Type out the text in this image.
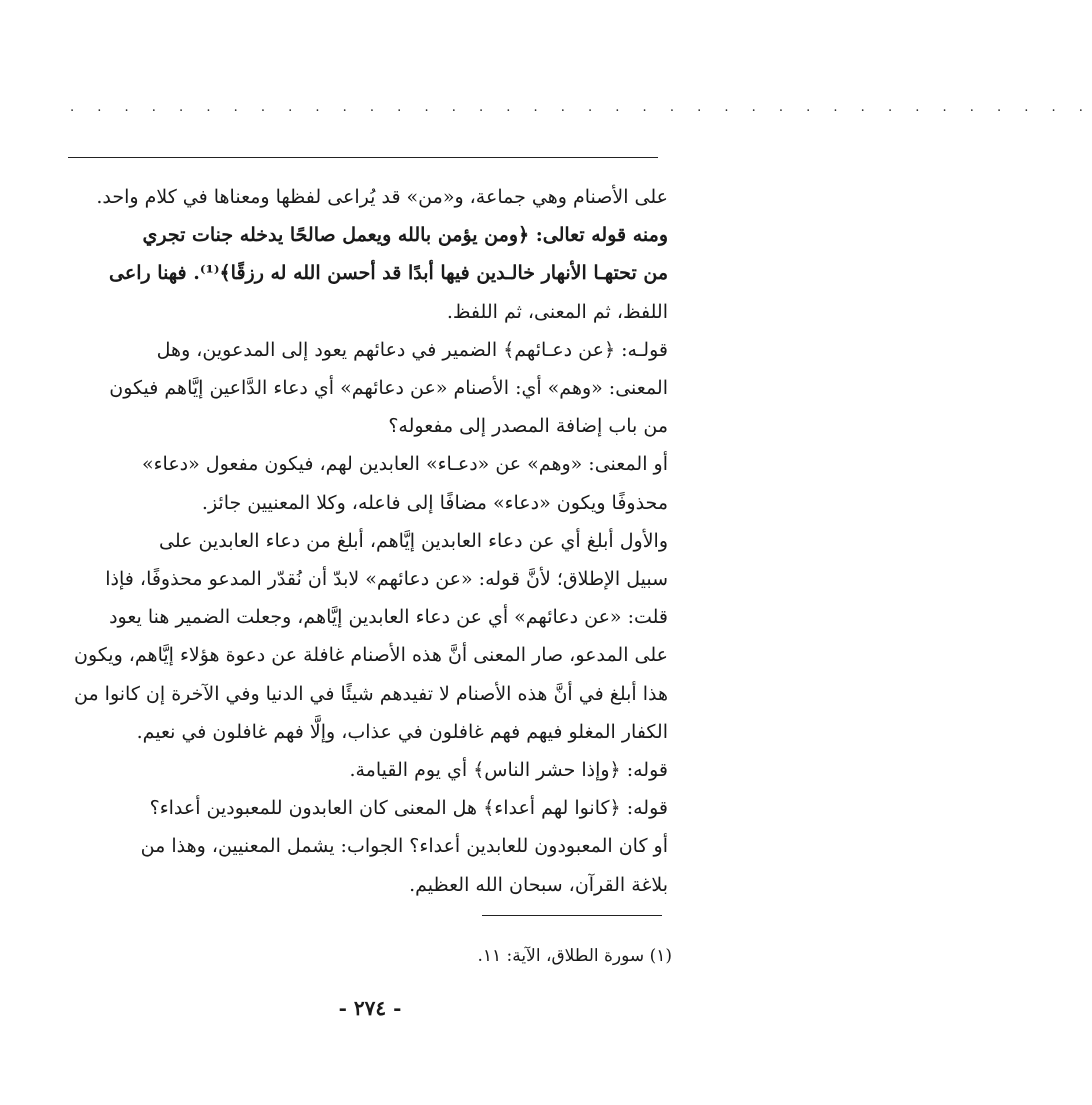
. . . . . . . . . . . . . . . . . . . . . . . . . . . . . . . . . . . . . .

على الأصنام وهي جماعة، و«من» قد يُراعى لفظها ومعناها في كلام واحد.

ومنه قوله تعالى: ﴿ومن يؤمن بالله ويعمل صالحًا يدخله جنات تجري

من تحتهـا الأنهار خالـدين فيها أبدًا قد أحسن الله له رزقًا﴾⁽¹⁾. فهنا راعى

اللفظ، ثم المعنى، ثم اللفظ.

قولـه: ﴿عن دعـائهم﴾ الضمير في دعائهم يعود إلى المدعوين، وهل

المعنى: «وهم» أي: الأصنام «عن دعائهم» أي دعاء الدَّاعين إيَّاهم فيكون

من باب إضافة المصدر إلى مفعوله؟

أو المعنى: «وهم» عن «دعـاء» العابدين لهم، فيكون مفعول «دعاء»

محذوفًا ويكون «دعاء» مضافًا إلى فاعله، وكلا المعنيين جائز.

والأول أبلغ أي عن دعاء العابدين إيَّاهم، أبلغ من دعاء العابدين على

سبيل الإطلاق؛ لأنَّ قوله: «عن دعائهم» لابدّ أن نُقدّر المدعو محذوفًا، فإذا

قلت: «عن دعائهم» أي عن دعاء العابدين إيَّاهم، وجعلت الضمير هنا يعود

على المدعو، صار المعنى أنَّ هذه الأصنام غافلة عن دعوة هؤلاء إيَّاهم، ويكون

هذا أبلغ في أنَّ هذه الأصنام لا تفيدهم شيئًا في الدنيا وفي الآخرة إن كانوا من

الكفار المغلو فيهم فهم غافلون في عذاب، وإلَّا فهم غافلون في نعيم.

قوله: ﴿وإذا حشر الناس﴾ أي يوم القيامة.

قوله: ﴿كانوا لهم أعداء﴾ هل المعنى كان العابدون للمعبودين أعداء؟

أو كان المعبودون للعابدين أعداء؟ الجواب: يشمل المعنيين، وهذا من

بلاغة القرآن، سبحان الله العظيم.

(١) سورة الطلاق، الآية: ١١.
- ٢٧٤ -
